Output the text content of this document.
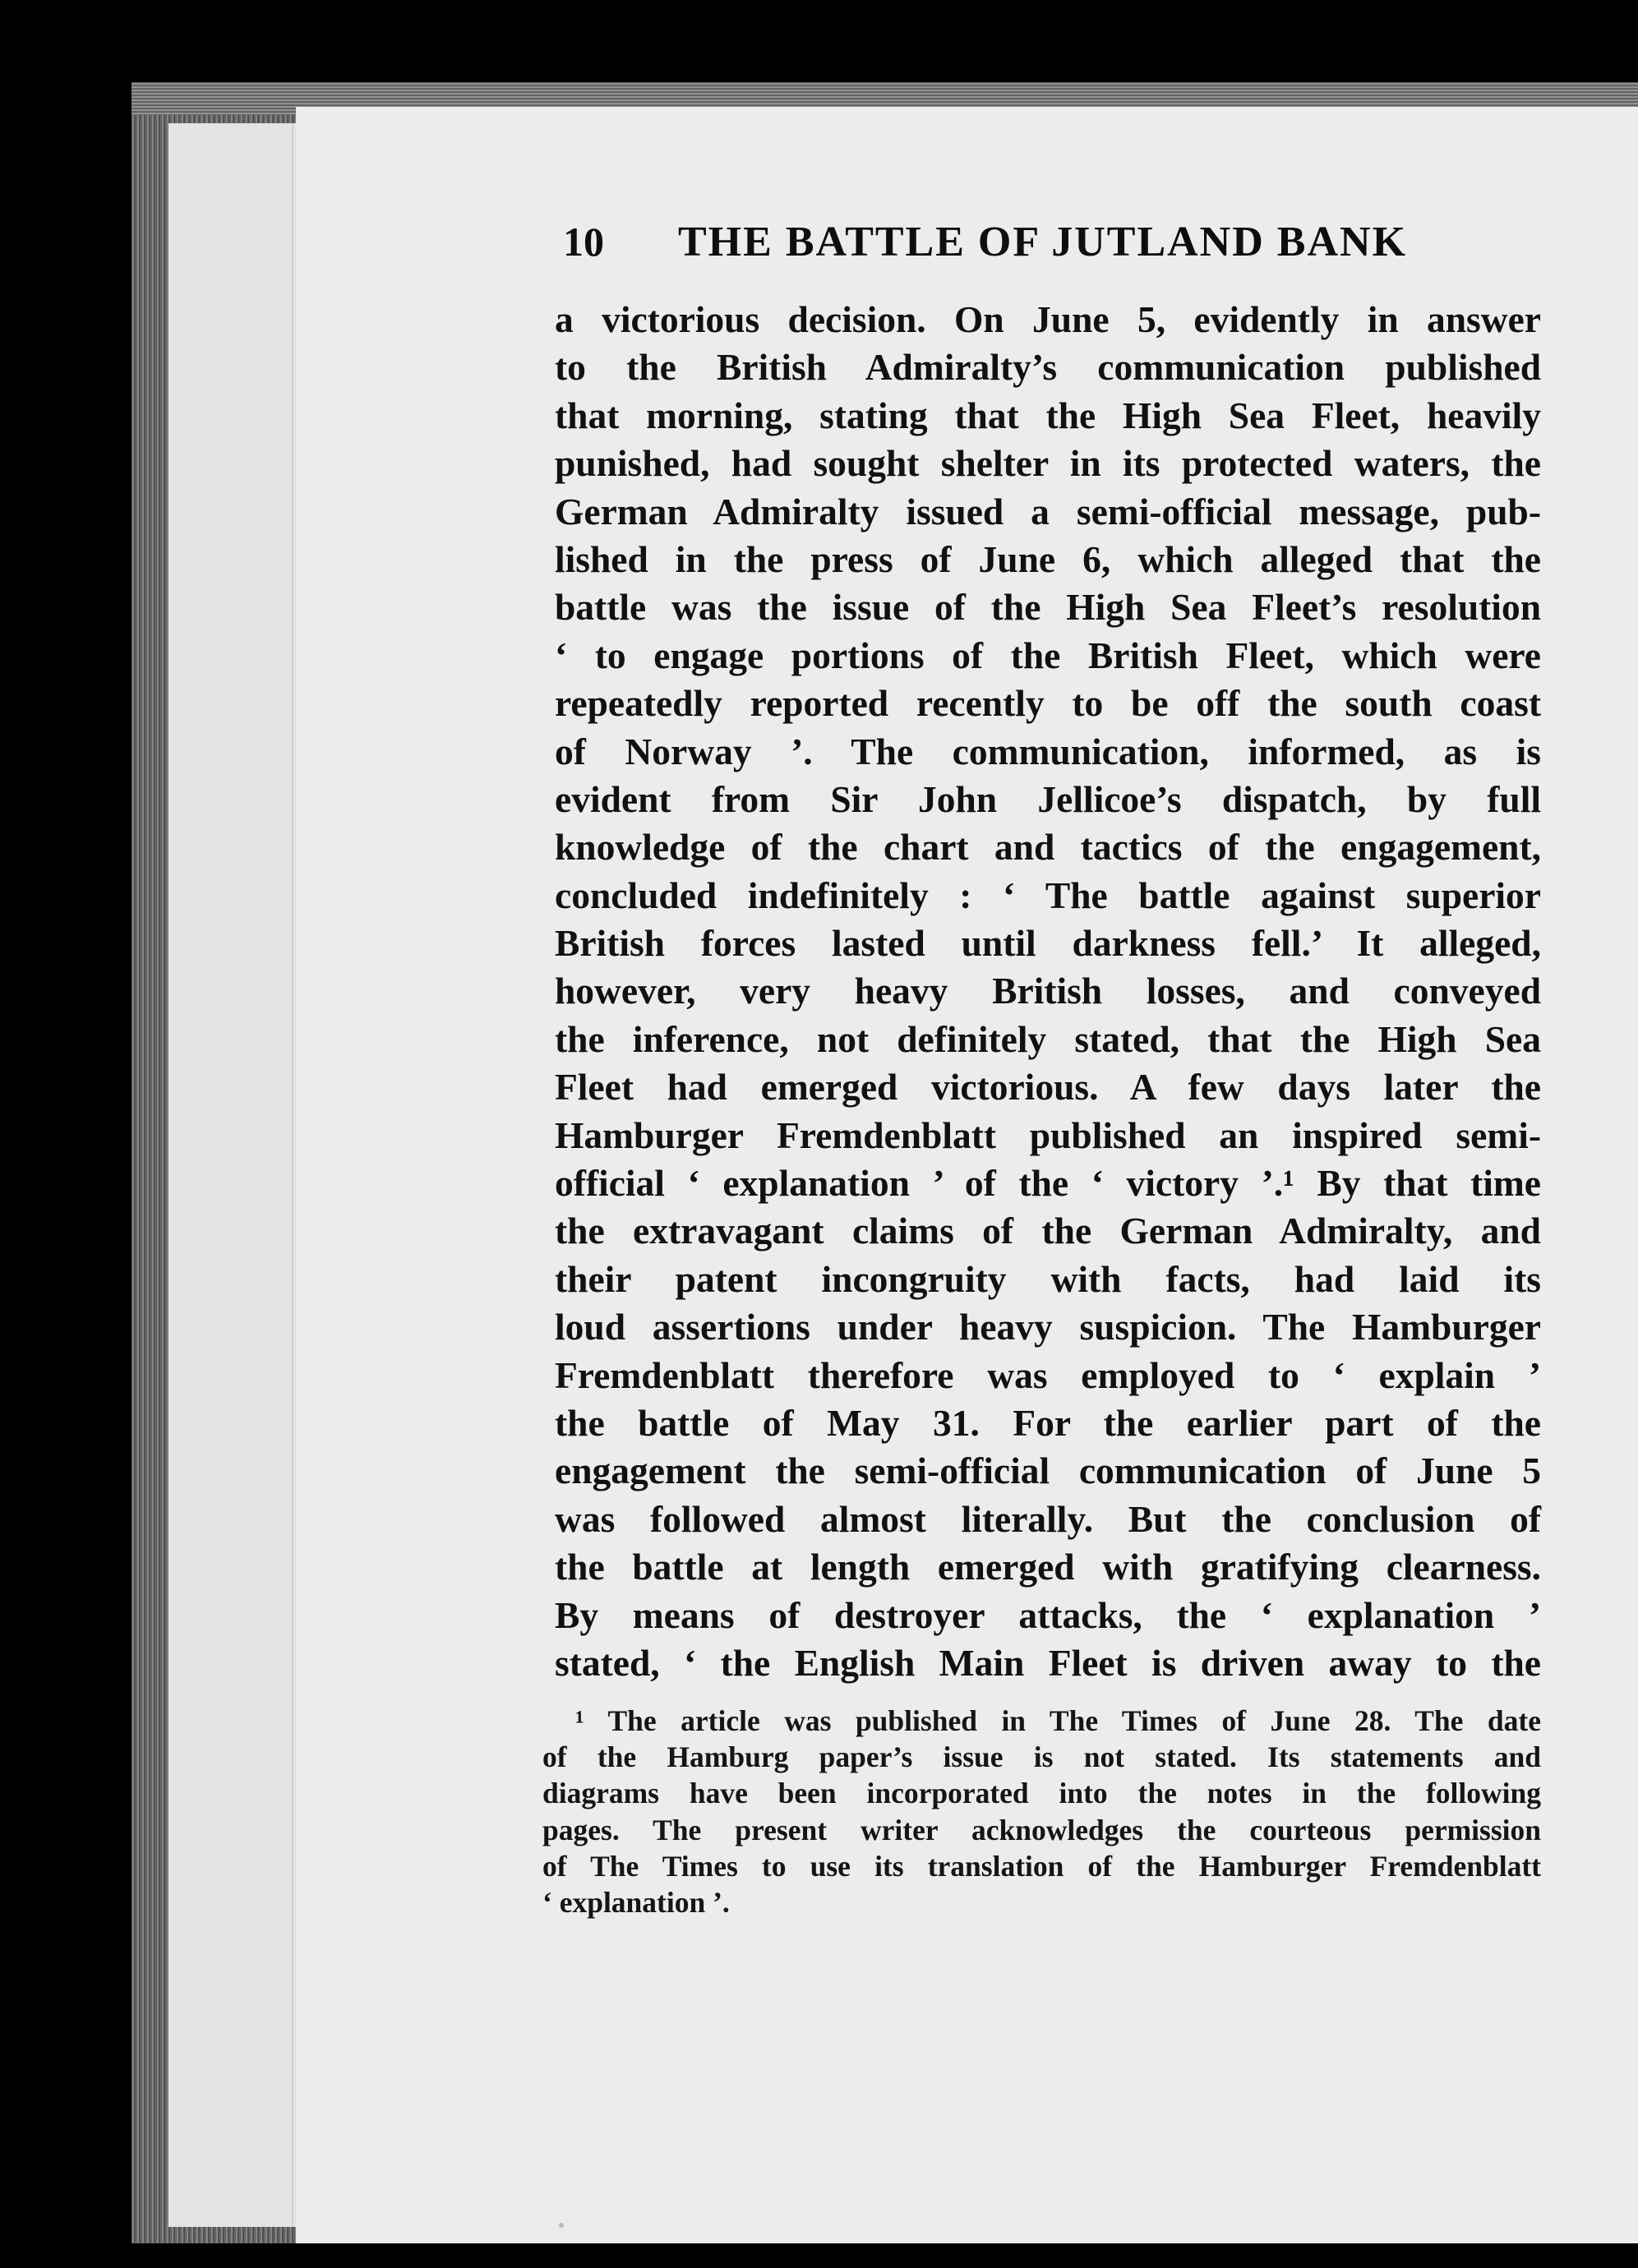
10	THE BATTLE OF JUTLAND BANK
a victorious decision. On June 5, evidently in answer
to the British Admiralty’s communication published
that morning, stating that the High Sea Fleet, heavily
punished, had sought shelter in its protected waters, the
German Admiralty issued a semi-official message, pub-
lished in the press of June 6, which alleged that the
battle was the issue of the High Sea Fleet’s resolution
‘ to engage portions of the British Fleet, which were
repeatedly reported recently to be off the south coast
of Norway ’. The communication, informed, as is
evident from Sir John Jellicoe’s dispatch, by full
knowledge of the chart and tactics of the engagement,
concluded indefinitely : ‘ The battle against superior
British forces lasted until darkness fell.’ It alleged,
however, very heavy British losses, and conveyed
the inference, not definitely stated, that the High Sea
Fleet had emerged victorious. A few days later the
Hamburger Fremdenblatt published an inspired semi-
official ‘ explanation ’ of the ‘ victory ’.¹ By that time
the extravagant claims of the German Admiralty, and
their patent incongruity with facts, had laid its
loud assertions under heavy suspicion. The Hamburger
Fremdenblatt therefore was employed to ‘ explain ’
the battle of May 31. For the earlier part of the
engagement the semi-official communication of June 5
was followed almost literally. But the conclusion of
the battle at length emerged with gratifying clearness.
By means of destroyer attacks, the ‘ explanation ’
stated, ‘ the English Main Fleet is driven away to the
¹ The article was published in The Times of June 28. The date
of the Hamburg paper’s issue is not stated. Its statements and
diagrams have been incorporated into the notes in the following
pages. The present writer acknowledges the courteous permission
of The Times to use its translation of the Hamburger Fremdenblatt
‘ explanation ’.
